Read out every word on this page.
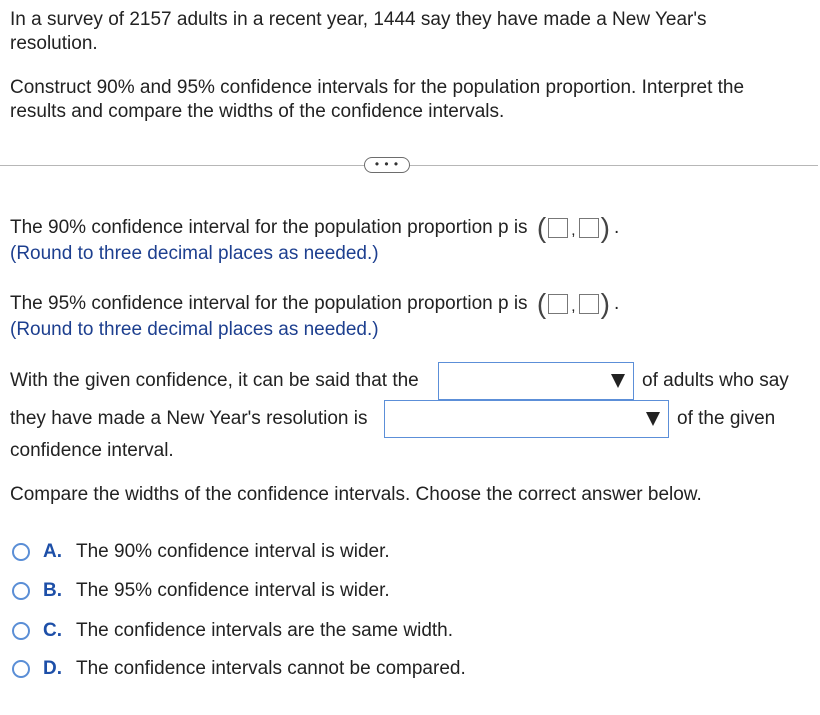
In a survey of 2157 adults in a recent year, 1444 say they have made a New Year's resolution.

Construct 90% and 95% confidence intervals for the population proportion. Interpret the results and compare the widths of the confidence intervals.

• • •
The 90% confidence interval for the population proportion p is ( , ) .
(Round to three decimal places as needed.)
The 95% confidence interval for the population proportion p is ( , ) .
(Round to three decimal places as needed.)
With the given confidence, it can be said that the	of adults who say
they have made a New Year's resolution is	of the given
confidence interval.
Compare the widths of the confidence intervals. Choose the correct answer below.
A. The 90% confidence interval is wider.
B. The 95% confidence interval is wider.
C. The confidence intervals are the same width.
D. The confidence intervals cannot be compared.
